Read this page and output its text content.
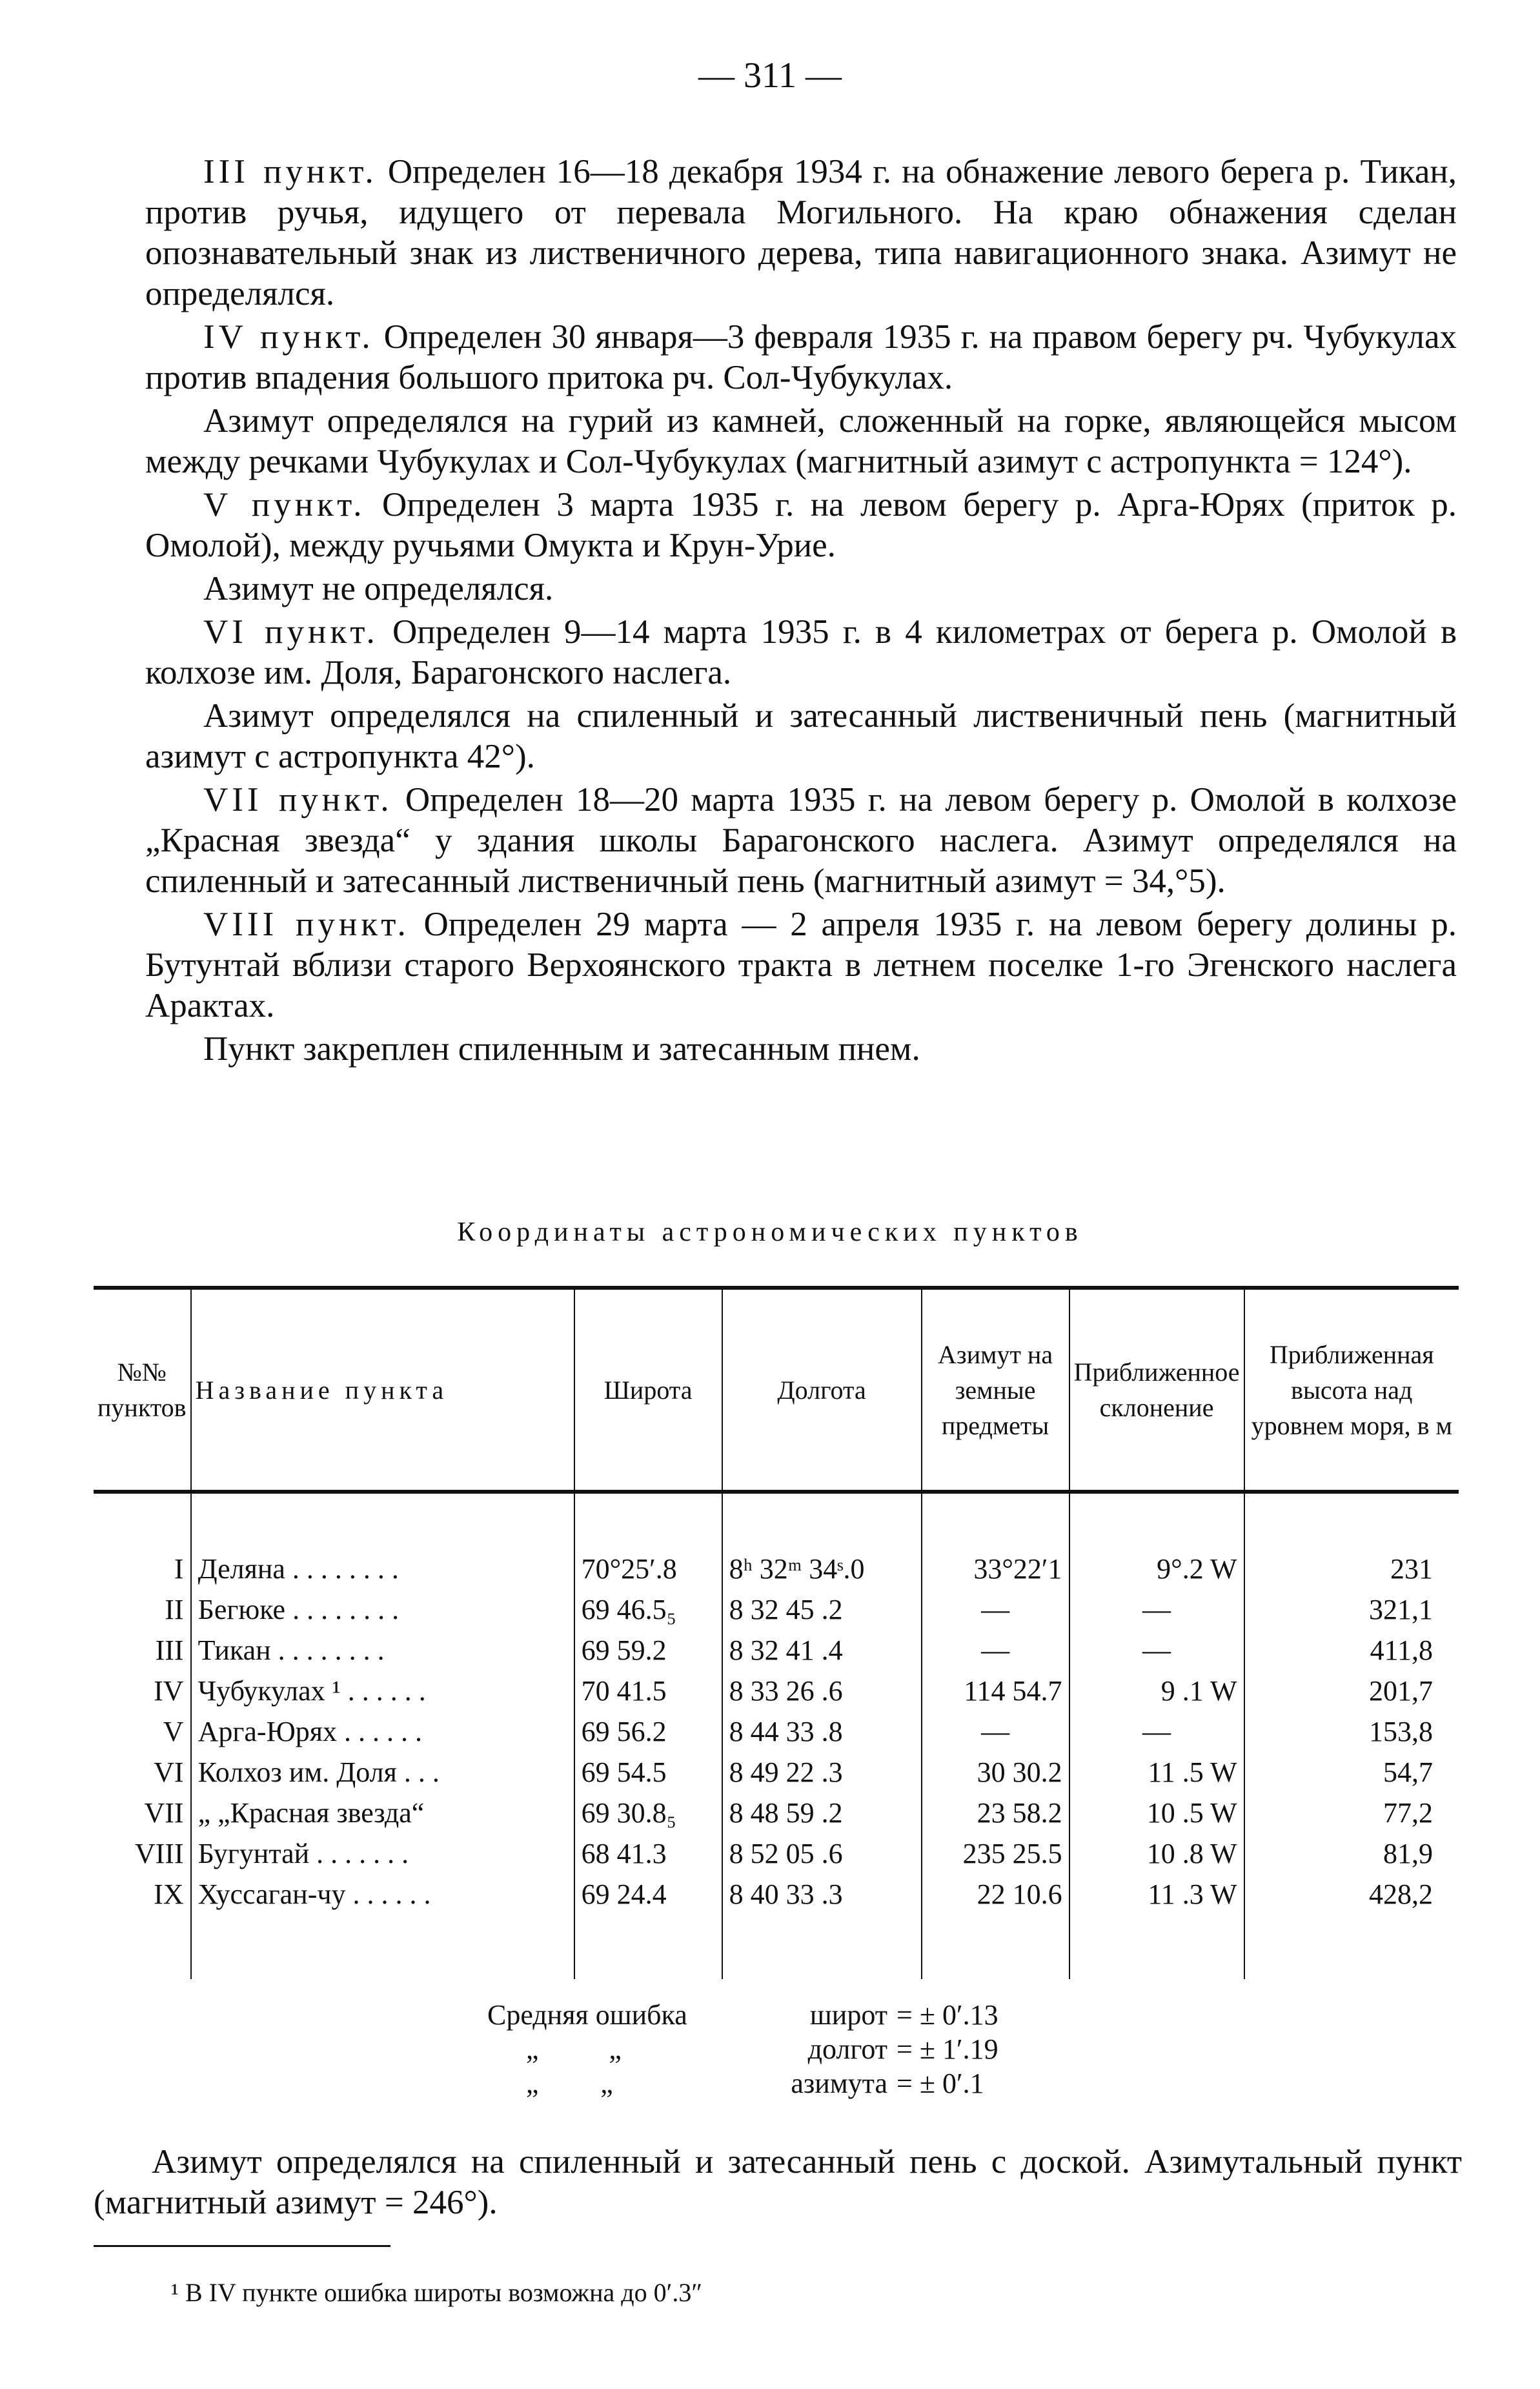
— 311 —

III пункт. Определен 16—18 декабря 1934 г. на обнажение левого берега р. Тикан, против ручья, идущего от перевала Могильного. На краю обнажения сделан опознавательный знак из лиственичного дерева, типа навигационного знака. Азимут не определялся.

IV пункт. Определен 30 января—3 февраля 1935 г. на правом берегу рч. Чубукулах против впадения большого притока рч. Сол-Чубукулах.

Азимут определялся на гурий из камней, сложенный на горке, являющейся мысом между речками Чубукулах и Сол-Чубукулах (магнитный азимут с астропункта = 124°).

V пункт. Определен 3 марта 1935 г. на левом берегу р. Арга-Юрях (приток р. Омолой), между ручьями Омукта и Крун-Урие.

Азимут не определялся.

VI пункт. Определен 9—14 марта 1935 г. в 4 километрах от берега р. Омолой в колхозе им. Доля, Барагонского наслега.

Азимут определялся на спиленный и затесанный лиственичный пень (магнитный азимут с астропункта 42°).

VII пункт. Определен 18—20 марта 1935 г. на левом берегу р. Омолой в колхозе „Красная звезда“ у здания школы Барагонского наслега. Азимут определялся на спиленный и затесанный лиственичный пень (магнитный азимут = 34,°5).

VIII пункт. Определен 29 марта — 2 апреля 1935 г. на левом берегу долины р. Бутунтай вблизи старого Верхоянского тракта в летнем поселке 1-го Эгенского наслега Арактах.

Пункт закреплен спиленным и затесанным пнем.

Координаты астрономических пунктов
№№ пунктов	Название пункта	Широта	Долгота	Азимут на земные предметы	Приближенное склонение	Приближенная высота над уровнем моря, в м

I	Деляна . . . . . . . .	70°25′.8	8ʰ 32ᵐ 34ˢ.0	33°22′1	9°.2 W	231
II	Бегюке . . . . . . . .	69 46.5₅	8 32 45 .2	—	—	321,1
III	Тикан . . . . . . . .	69 59.2	8 32 41 .4	—	—	411,8
IV	Чубукулах ¹ . . . . . .	70 41.5	8 33 26 .6	114 54.7	9 .1 W	201,7
V	Арга-Юрях . . . . . .	69 56.2	8 44 33 .8	—	—	153,8
VI	Колхоз им. Доля . . .	69 54.5	8 49 22 .3	30 30.2	11 .5 W	54,7
VII	„ „Красная звезда“	69 30.8₅	8 48 59 .2	23 58.2	10 .5 W	77,2
VIII	Бугунтай . . . . . . .	68 41.3	8 52 05 .6	235 25.5	10 .8 W	81,9
IX	Хуссаган-чу . . . . . .	69 24.4	8 40 33 .3	22 10.6	11 .3 W	428,2

Средняя ошибка	широт = ± 0′.13
„ „	долгот = ± 1′.19
„ „	азимута = ± 0′.1

Азимут определялся на спиленный и затесанный пень с доской. Азимутальный пункт (магнитный азимут = 246°).

¹ В IV пункте ошибка широты возможна до 0′.3″
